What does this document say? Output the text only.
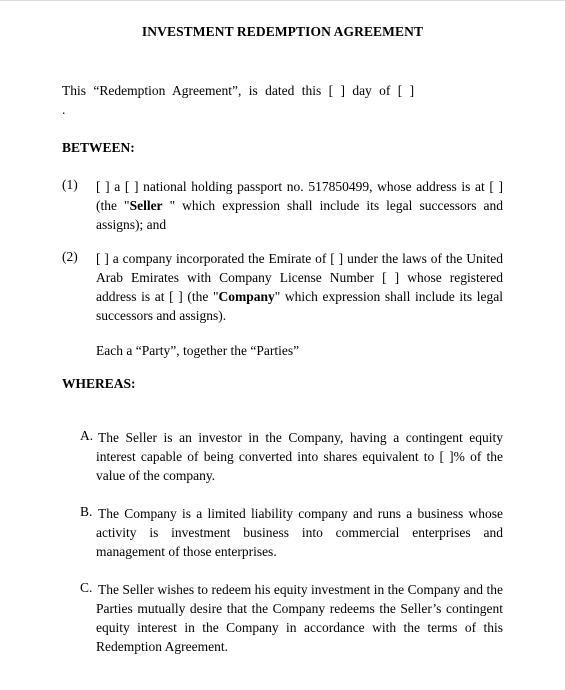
INVESTMENT REDEMPTION AGREEMENT
This “Redemption Agreement”, is dated this [ ] day of [ ]
.
BETWEEN:
(1) [ ] a [ ] national holding passport no. 517850499, whose address is at [ ] (the "Seller " which expression shall include its legal successors and assigns); and
(2) [ ] a company incorporated the Emirate of [ ] under the laws of the United Arab Emirates with Company License Number [ ] whose registered address is at [ ] (the "Company" which expression shall include its legal successors and assigns).
Each a “Party”, together the “Parties”
WHEREAS:
A. The Seller is an investor in the Company, having a contingent equity interest capable of being converted into shares equivalent to [ ]% of the value of the company.
B. The Company is a limited liability company and runs a business whose activity is investment business into commercial enterprises and management of those enterprises.
C. The Seller wishes to redeem his equity investment in the Company and the Parties mutually desire that the Company redeems the Seller’s contingent equity interest in the Company in accordance with the terms of this Redemption Agreement.
